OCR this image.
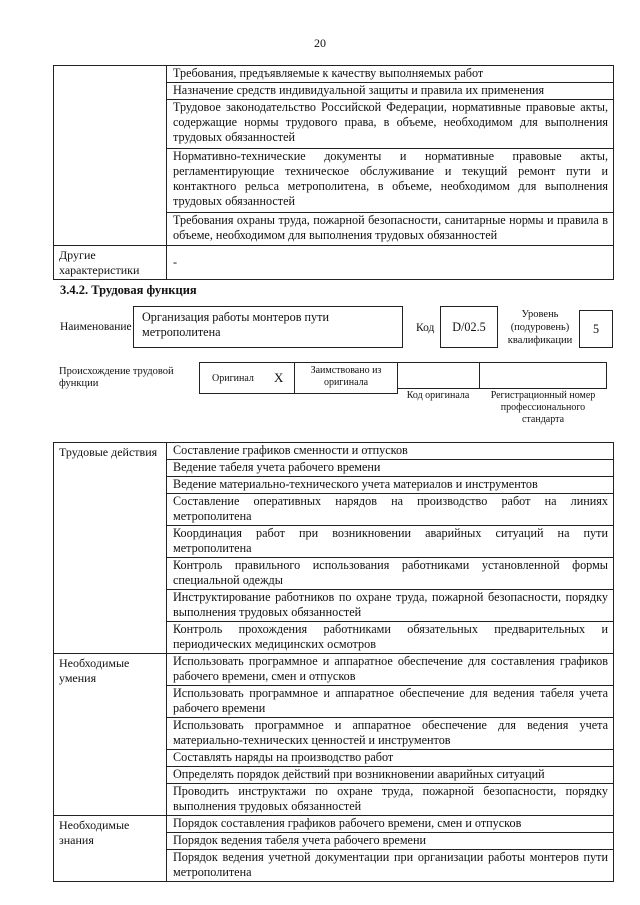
20
	Требования, предъявляемые к качеству выполняемых работ
	Назначение средств индивидуальной защиты и правила их применения
	Трудовое законодательство Российской Федерации, нормативные правовые акты, содержащие нормы трудового права, в объеме, необходимом для выполнения трудовых обязанностей
	Нормативно-технические документы и нормативные правовые акты, регламентирующие техническое обслуживание и текущий ремонт пути и контактного рельса метрополитена, в объеме, необходимом для выполнения трудовых обязанностей
	Требования охраны труда, пожарной безопасности, санитарные нормы и правила в объеме, необходимом для выполнения трудовых обязанностей
Другие характеристики	-
3.4.2. Трудовая функция
Наименование
Организация работы монтеров пути метрополитена	Код	D/02.5
Уровень (подуровень) квалификации
5
Происхождение трудовой функции	Оригинал X	Заимствовано из оригинала
Код оригинала	Регистрационный номер профессионального стандарта
Трудовые действия	Составление графиков сменности и отпусков
	Ведение табеля учета рабочего времени
	Ведение материально-технического учета материалов и инструментов
	Составление оперативных нарядов на производство работ на линиях метрополитена
	Координация работ при возникновении аварийных ситуаций на пути метрополитена
	Контроль правильного использования работниками установленной формы специальной одежды
	Инструктирование работников по охране труда, пожарной безопасности, порядку выполнения трудовых обязанностей
	Контроль прохождения работниками обязательных предварительных и периодических медицинских осмотров
Необходимые умения	Использовать программное и аппаратное обеспечение для составления графиков рабочего времени, смен и отпусков
	Использовать программное и аппаратное обеспечение для ведения табеля учета рабочего времени
	Использовать программное и аппаратное обеспечение для ведения учета материально-технических ценностей и инструментов
	Составлять наряды на производство работ
	Определять порядок действий при возникновении аварийных ситуаций
	Проводить инструктажи по охране труда, пожарной безопасности, порядку выполнения трудовых обязанностей
Необходимые знания	Порядок составления графиков рабочего времени, смен и отпусков
	Порядок ведения табеля учета рабочего времени
	Порядок ведения учетной документации при организации работы монтеров пути метрополитена
